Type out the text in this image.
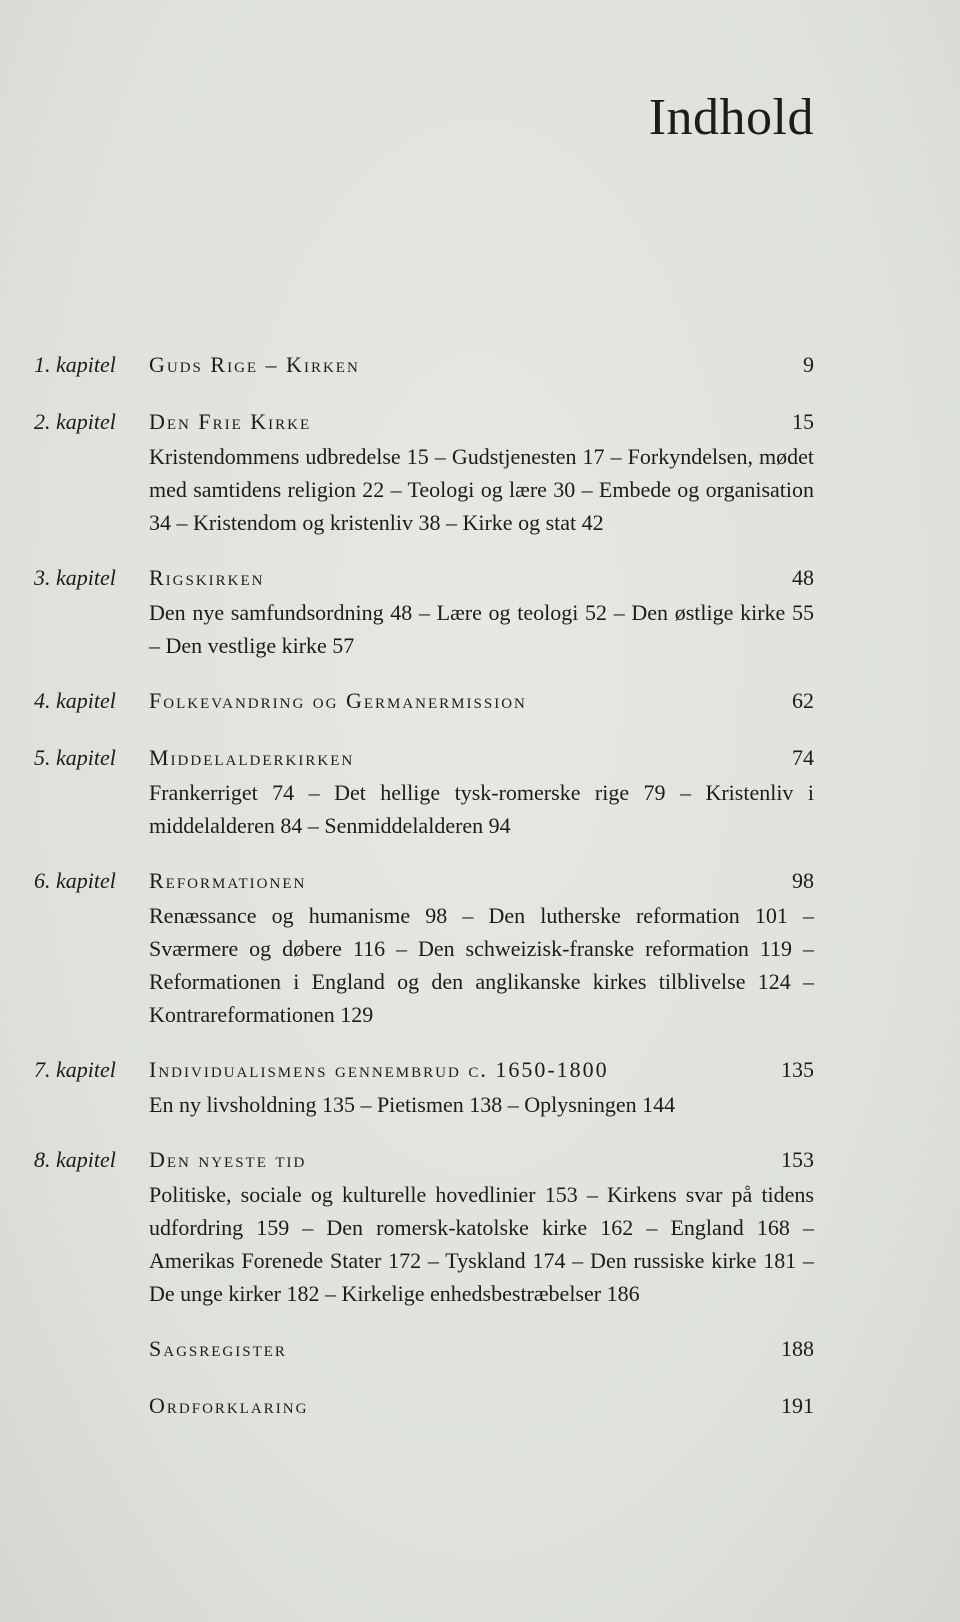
Indhold
1. kapitel Guds Rige – Kirken	9
2. kapitel Den Frie Kirke	15
Kristendommens udbredelse 15 – Gudstjenesten 17 – Forkyndelsen, mødet med samtidens religion 22 – Teologi og lære 30 – Embede og organisation 34 – Kristendom og kristenliv 38 – Kirke og stat 42
3. kapitel Rigskirken	48
Den nye samfundsordning 48 – Lære og teologi 52 – Den østlige kirke 55 – Den vestlige kirke 57
4. kapitel Folkevandring og Germanermission	62
5. kapitel Middelalderkirken	74
Frankerriget 74 – Det hellige tysk-romerske rige 79 – Kristenliv i middelalderen 84 – Senmiddelalderen 94
6. kapitel Reformationen	98
Renæssance og humanisme 98 – Den lutherske reformation 101 – Sværmere og døbere 116 – Den schweizisk-franske reformation 119 – Reformationen i England og den anglikanske kirkes tilblivelse 124 – Kontrareformationen 129
7. kapitel Individualismens gennembrud c. 1650-1800	135
En ny livsholdning 135 – Pietismen 138 – Oplysningen 144
8. kapitel Den nyeste tid	153
Politiske, sociale og kulturelle hovedlinier 153 – Kirkens svar på tidens udfordring 159 – Den romersk-katolske kirke 162 – England 168 – Amerikas Forenede Stater 172 – Tyskland 174 – Den russiske kirke 181 – De unge kirker 182 – Kirkelige enhedsbestræbelser 186
Sagsregister	188
Ordforklaring	191
